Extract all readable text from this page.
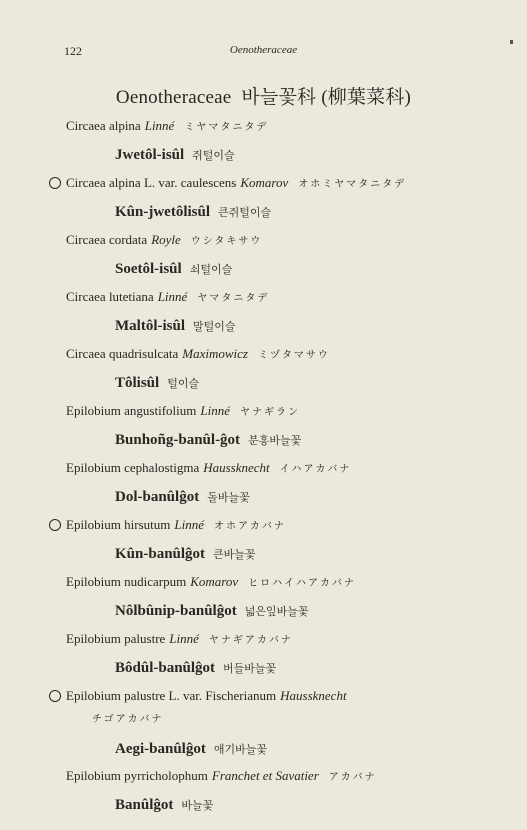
122	Oenotheraceae
Oenotheraceae 바늘꽃科 (柳葉菜科)
Circaea alpina Linné ミヤマタニタデ
Jwetôl-isûl 쥐털이슬
Circaea alpina L. var. caulescens Komarov オホミヤマタニタデ
Kûn-jwetôlisûl 큰쥐털이슬
Circaea cordata Royle ウシタキサウ
Soetôl-isûl 쇠털이슬
Circaea lutetiana Linné ヤマタニタデ
Maltôl-isûl 말털이슬
Circaea quadrisulcata Maximowicz ミヅタマサウ
Tôlisûl 털이슬
Epilobium angustifolium Linné ヤナギラン
Bunhoñg-banûl-ĝot 분홍바늘꽃
Epilobium cephalostigma Haussknecht イハアカバナ
Dol-banûlĝot 돌바늘꽃
Epilobium hirsutum Linné オホアカバナ
Kûn-banûlĝot 큰바늘꽃
Epilobium nudicarpum Komarov ヒロハイハアカバナ
Nôlbûnip-banûlĝot 넓은잎바늘꽃
Epilobium palustre Linné ヤナギアカバナ
Bôdûl-banûlĝot 버들바늘꽃
Epilobium palustre L. var. Fischerianum Haussknecht
チゴアカバナ
Aegi-banûlĝot 애기바늘꽃
Epilobium pyrricholophum Franchet et Savatier アカバナ
Banûlĝot 바늘꽃
